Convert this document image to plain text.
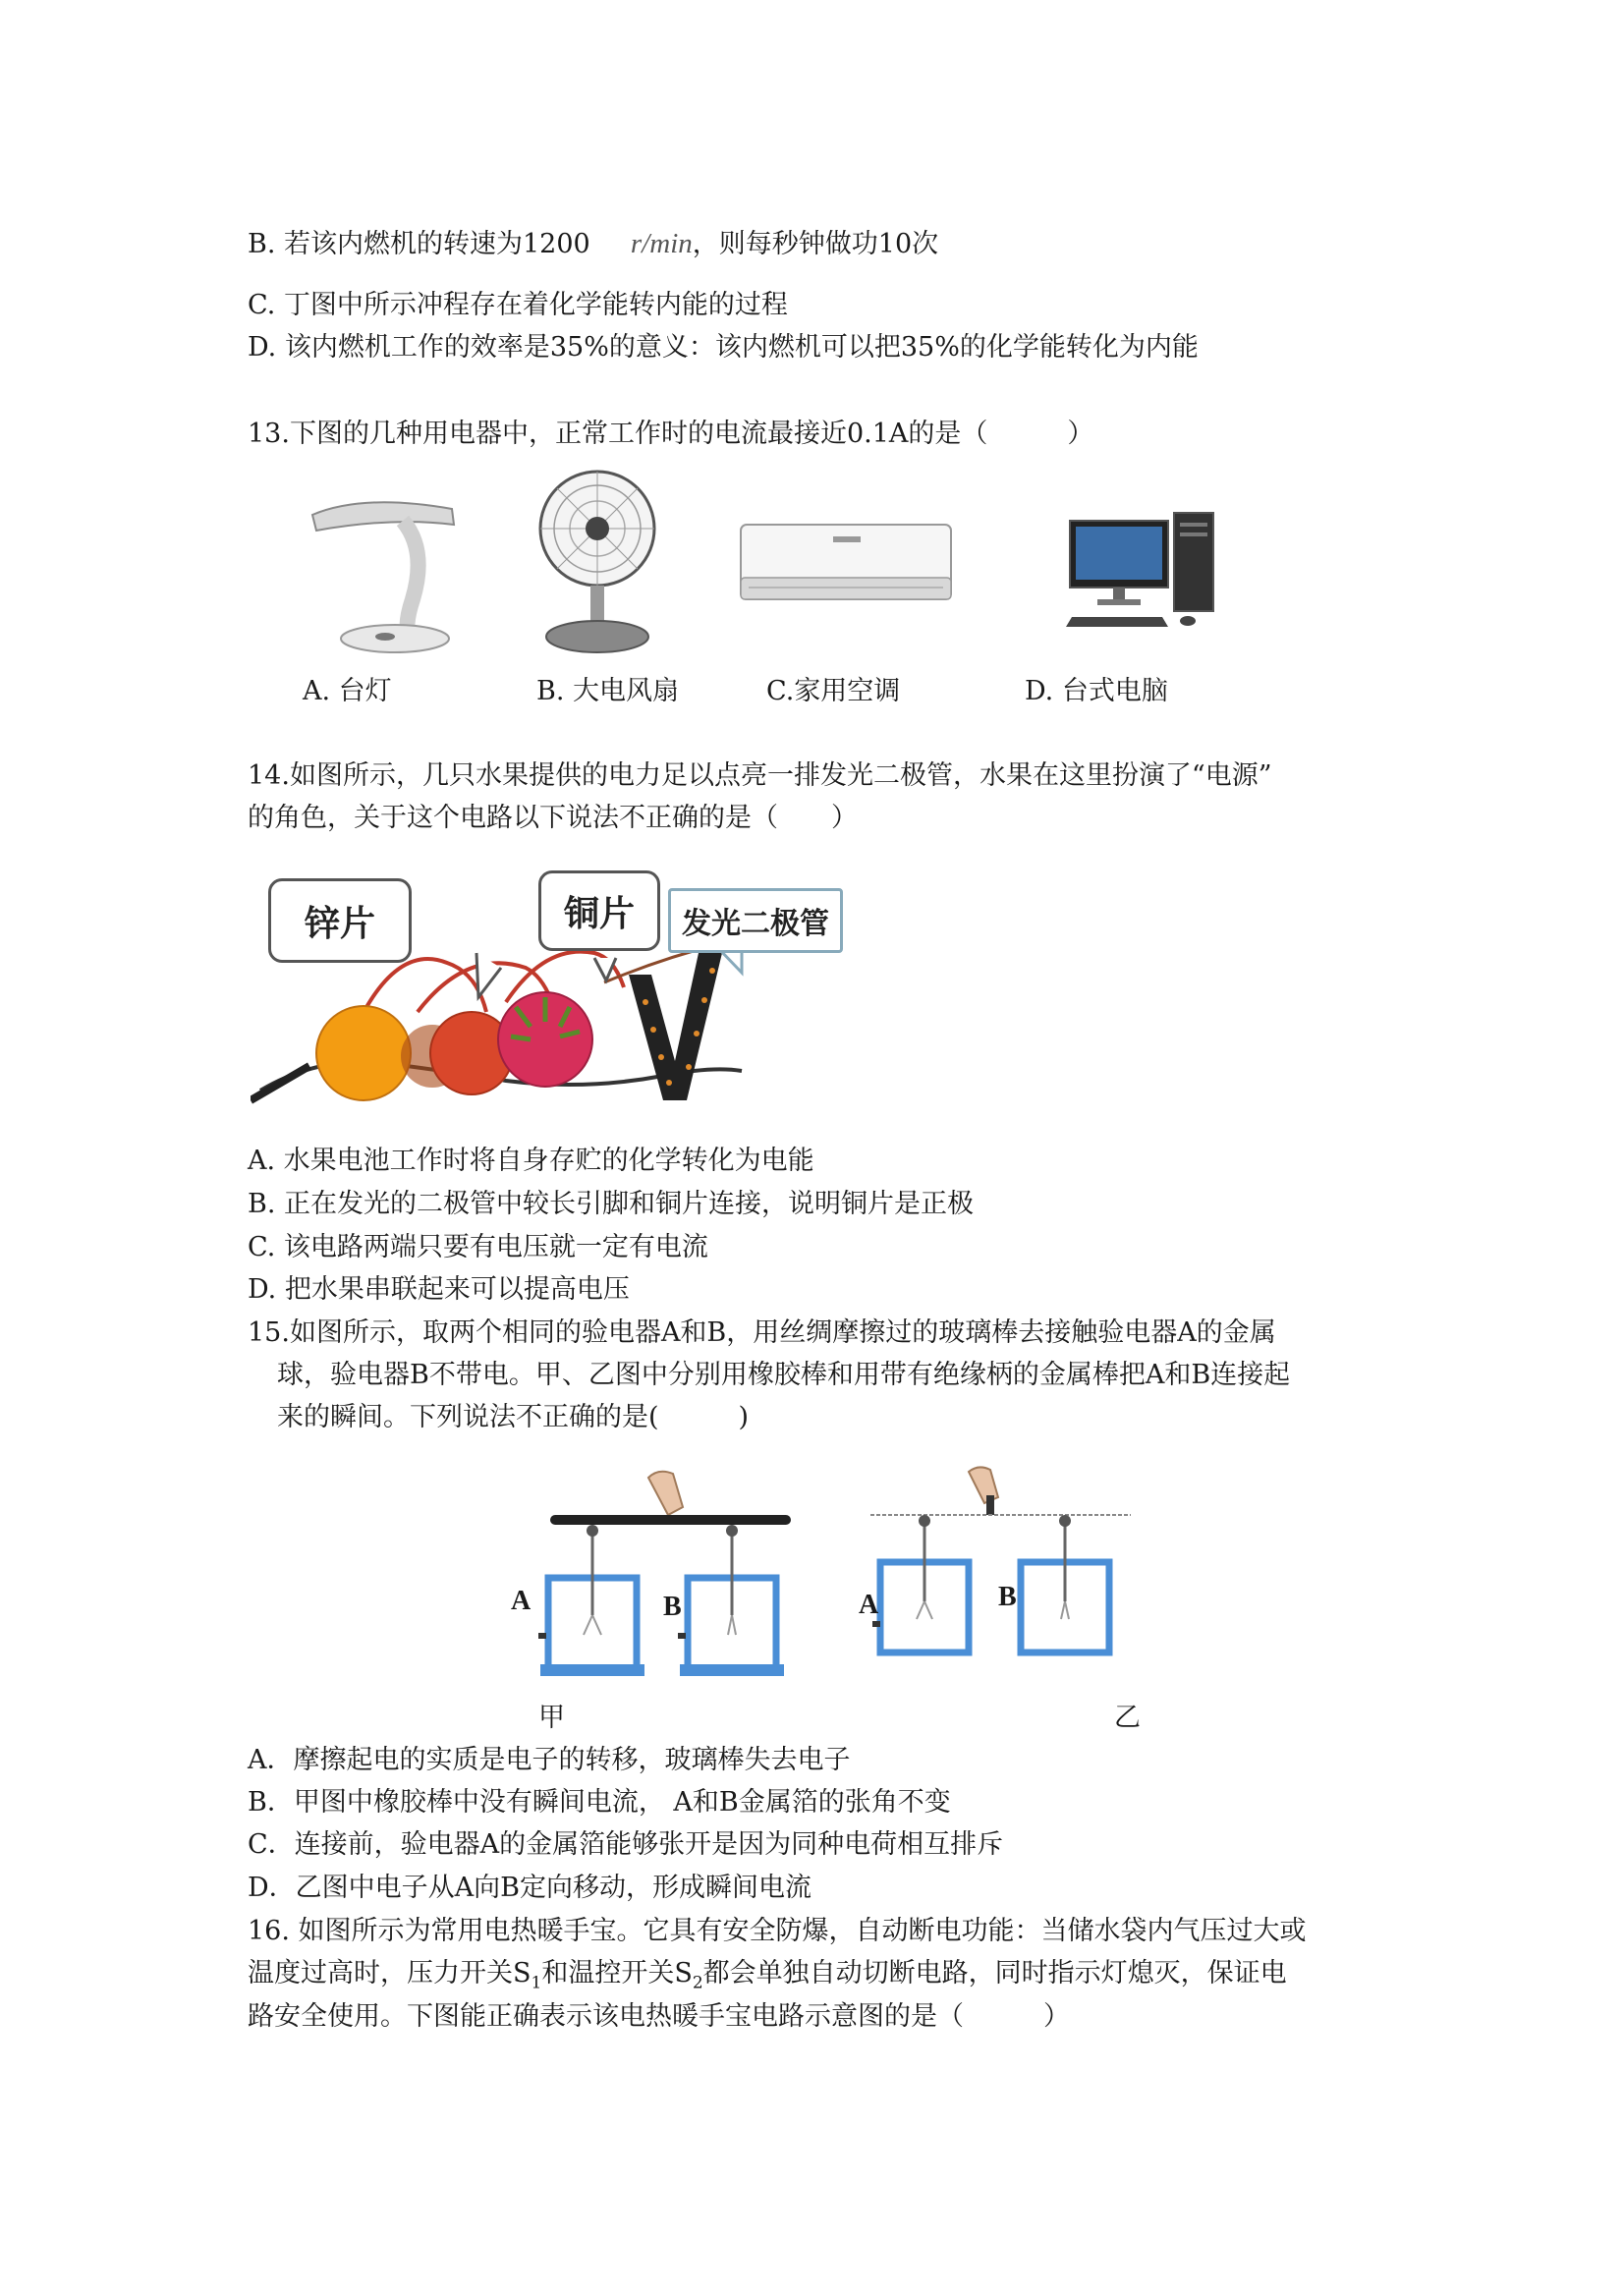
B. 若该内燃机的转速为1200 r/min，则每秒钟做功10次
C. 丁图中所示冲程存在着化学能转内能的过程
D. 该内燃机工作的效率是35%的意义：该内燃机可以把35%的化学能转化为内能
13.下图的几种用电器中，正常工作时的电流最接近0.1A的是（　　　）
A. 台灯	B. 大电风扇	C.家用空调	D. 台式电脑
14.如图所示，几只水果提供的电力足以点亮一排发光二极管，水果在这里扮演了“电源”
的角色，关于这个电路以下说法不正确的是（　　）
锌片	铜片	发光二极管
A. 水果电池工作时将自身存贮的化学转化为电能
B. 正在发光的二极管中较长引脚和铜片连接，说明铜片是正极
C. 该电路两端只要有电压就一定有电流
D. 把水果串联起来可以提高电压
15.如图所示，取两个相同的验电器A和B，用丝绸摩擦过的玻璃棒去接触验电器A的金属
球，验电器B不带电。甲、乙图中分别用橡胶棒和用带有绝缘柄的金属棒把A和B连接起
来的瞬间。下列说法不正确的是(　　　)
A	B	A	B
甲	乙
A．摩擦起电的实质是电子的转移，玻璃棒失去电子
B．甲图中橡胶棒中没有瞬间电流， A和B金属箔的张角不变
C．连接前，验电器A的金属箔能够张开是因为同种电荷相互排斥
D．乙图中电子从A向B定向移动，形成瞬间电流
16. 如图所示为常用电热暖手宝。它具有安全防爆，自动断电功能：当储水袋内气压过大或
温度过高时，压力开关$S_1$和温控开关$S_2$都会单独自动切断电路，同时指示灯熄灭，保证电
路安全使用。下图能正确表示该电热暖手宝电路示意图的是（　　　）
